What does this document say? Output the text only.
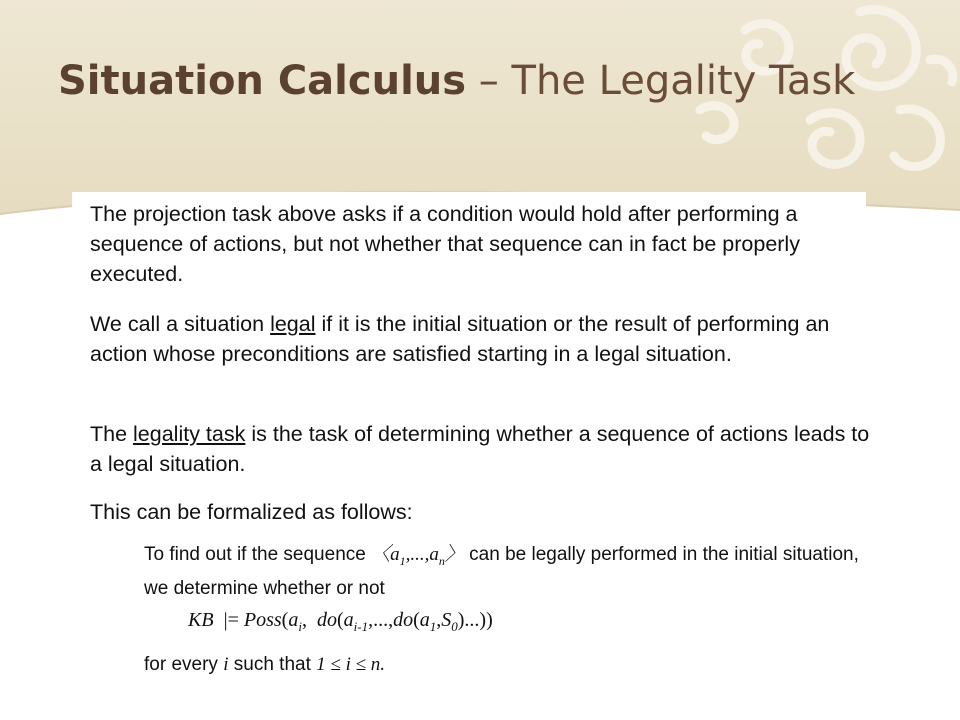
Situation Calculus – The Legality Task

The projection task above asks if a condition would hold after performing a sequence of actions, but not whether that sequence can in fact be properly executed.

We call a situation legal if it is the initial situation or the result of performing an action whose preconditions are satisfied starting in a legal situation.

The legality task is the task of determining whether a sequence of actions leads to a legal situation.

This can be formalized as follows:

To find out if the sequence 〈$a_1,...,a_n$〉 can be legally performed in the initial situation, we determine whether or not

KB  |= $Poss(a_i$,  $do(a_{i-1},...,do(a_1,S_0)...)$)

for every i such that 1 ≤ i ≤ n.
